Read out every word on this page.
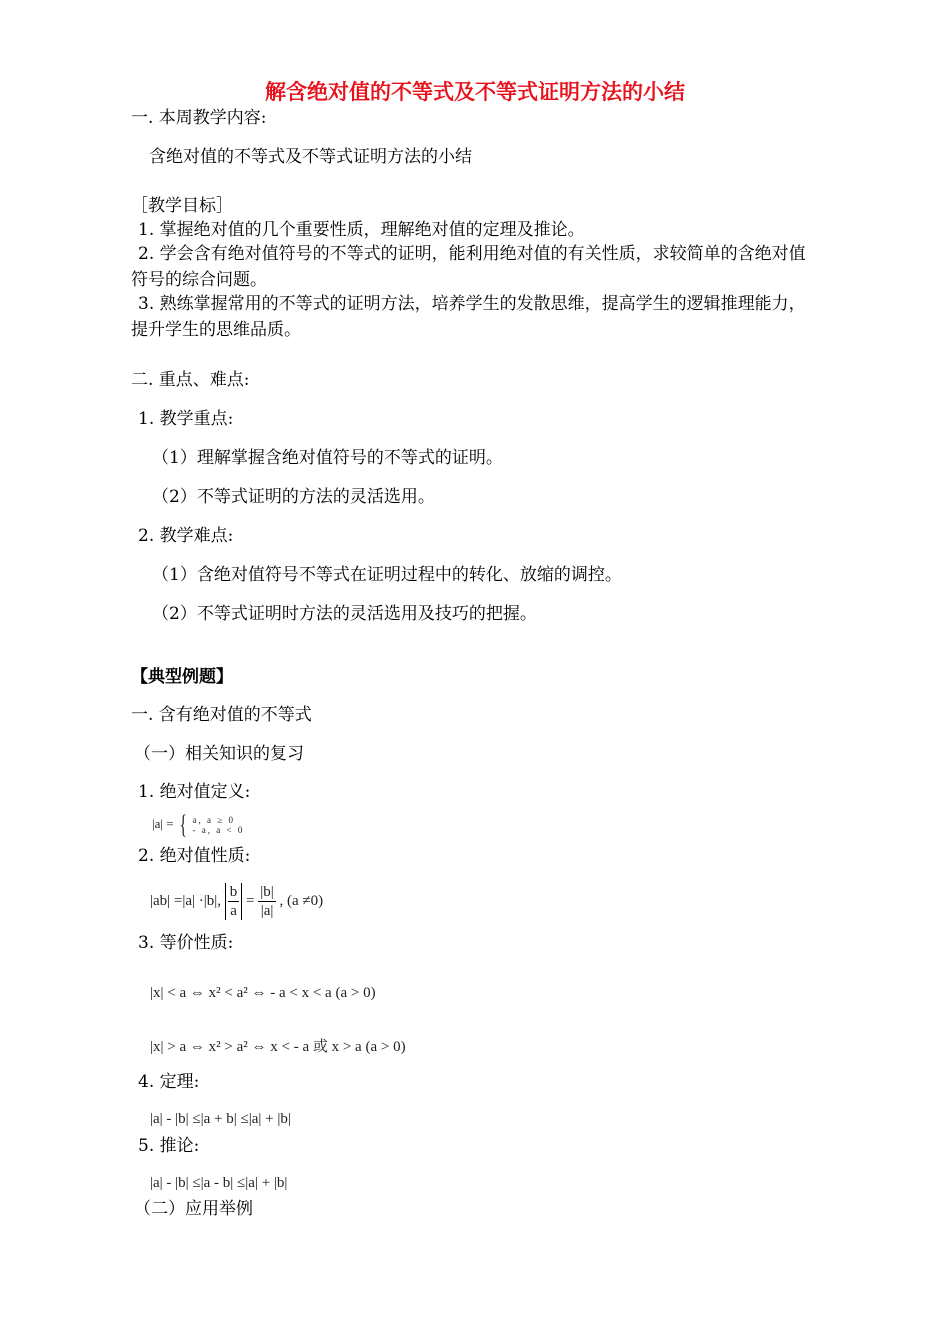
解含绝对值的不等式及不等式证明方法的小结
一. 本周教学内容:
含绝对值的不等式及不等式证明方法的小结
［教学目标］
1. 掌握绝对值的几个重要性质，理解绝对值的定理及推论。
2. 学会含有绝对值符号的不等式的证明，能利用绝对值的有关性质，求较简单的含绝对值符号的综合问题。
3. 熟练掌握常用的不等式的证明方法，培养学生的发散思维，提高学生的逻辑推理能力，提升学生的思维品质。
二. 重点、难点:
1. 教学重点:
（1）理解掌握含绝对值符号的不等式的证明。
（2）不等式证明的方法的灵活选用。
2. 教学难点:
（1）含绝对值符号不等式在证明过程中的转化、放缩的调控。
（2）不等式证明时方法的灵活选用及技巧的把握。
【典型例题】
一. 含有绝对值的不等式
（一）相关知识的复习
1. 绝对值定义:
|a| = { a, a ≥ 0
- a, a < 0
2. 绝对值性质:
|ab| =|a| ·|b|, $\frac{b}{a} = \frac{|b|}{|a|}$ , (a ≠0)
3. 等价性质:
|x| < a ⇔ x² < a² ⇔ - a < x < a (a > 0)
|x| > a ⇔ x² > a² ⇔ x < - a 或 x > a (a > 0)
4. 定理:
|a| - |b| ≤|a + b| ≤|a| + |b|
5. 推论:
|a| - |b| ≤|a - b| ≤|a| + |b|
（二）应用举例
